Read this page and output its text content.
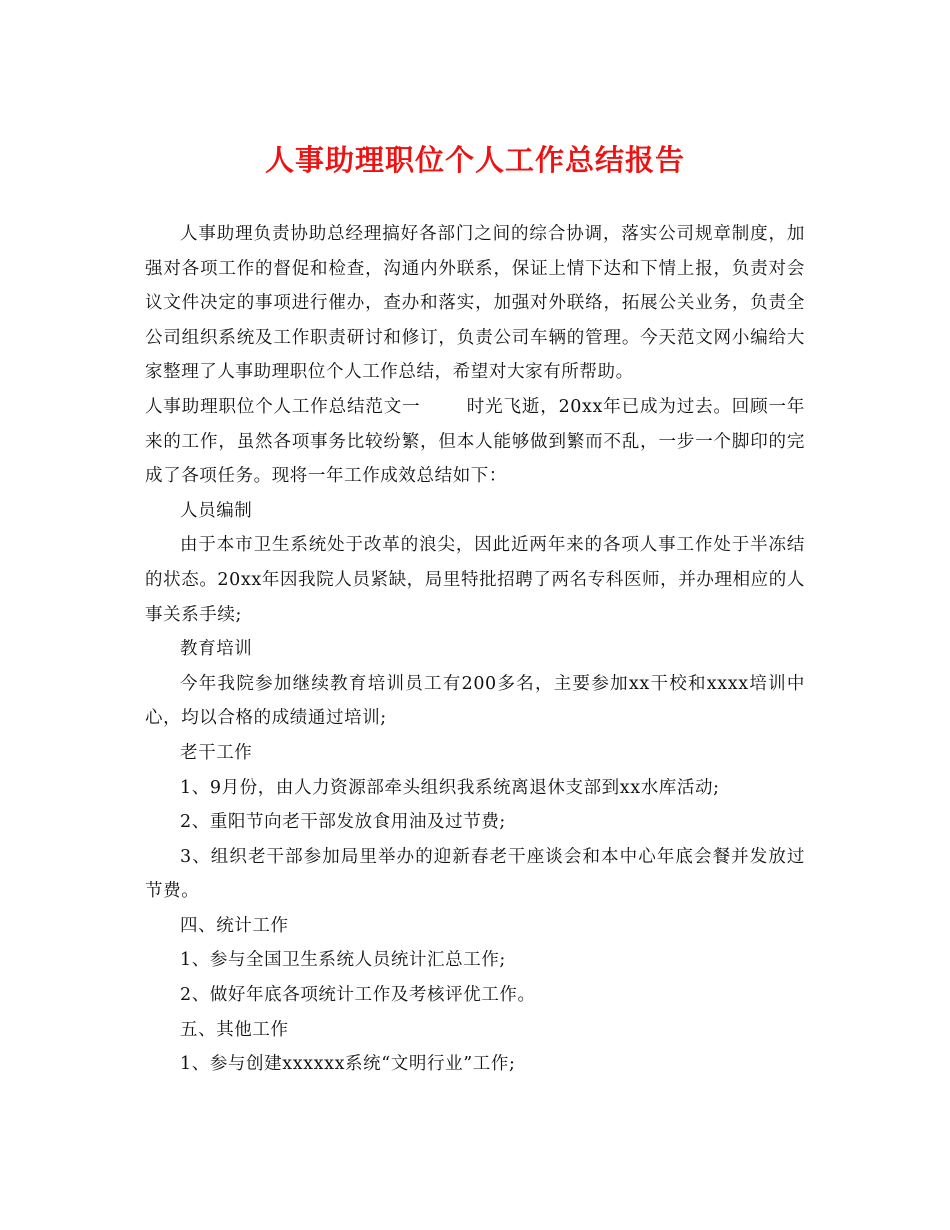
人事助理职位个人工作总结报告

人事助理负责协助总经理搞好各部门之间的综合协调，落实公司规章制度，加强对各项工作的督促和检查，沟通内外联系，保证上情下达和下情上报，负责对会议文件决定的事项进行催办，查办和落实，加强对外联络，拓展公关业务，负责全公司组织系统及工作职责研讨和修订，负责公司车辆的管理。今天范文网小编给大家整理了人事助理职位个人工作总结，希望对大家有所帮助。

人事助理职位个人工作总结范文一	时光飞逝，20xx年已成为过去。回顾一年来的工作，虽然各项事务比较纷繁，但本人能够做到繁而不乱，一步一个脚印的完成了各项任务。现将一年工作成效总结如下：

人员编制

由于本市卫生系统处于改革的浪尖，因此近两年来的各项人事工作处于半冻结的状态。20xx年因我院人员紧缺，局里特批招聘了两名专科医师，并办理相应的人事关系手续;

教育培训

今年我院参加继续教育培训员工有200多名，主要参加xx干校和xxxx培训中心，均以合格的成绩通过培训;

老干工作

1、9月份，由人力资源部牵头组织我系统离退休支部到xx水库活动;

2、重阳节向老干部发放食用油及过节费;

3、组织老干部参加局里举办的迎新春老干座谈会和本中心年底会餐并发放过节费。

四、统计工作

1、参与全国卫生系统人员统计汇总工作;

2、做好年底各项统计工作及考核评优工作。

五、其他工作

1、参与创建xxxxxx系统“文明行业”工作;
